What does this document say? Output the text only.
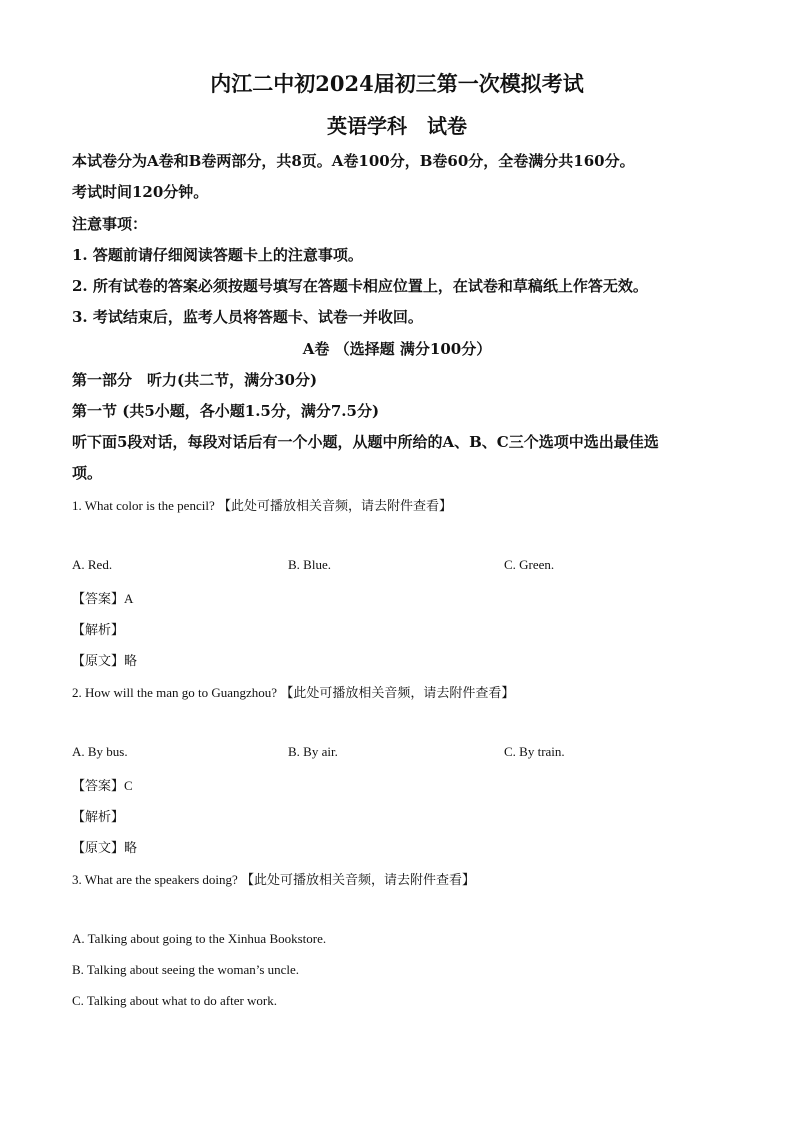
内江二中初2024届初三第一次模拟考试
英语学科　试卷
本试卷分为A卷和B卷两部分，共8页。A卷100分，B卷60分，全卷满分共160分。
考试时间120分钟。
注意事项：
1. 答题前请仔细阅读答题卡上的注意事项。
2. 所有试卷的答案必须按题号填写在答题卡相应位置上，在试卷和草稿纸上作答无效。
3. 考试结束后，监考人员将答题卡、试卷一并收回。
A卷 （选择题 满分100分）
第一部分　听力(共二节，满分30分)
第一节 (共5小题，各小题1.5分，满分7.5分)
听下面5段对话，每段对话后有一个小题，从题中所给的A、B、C三个选项中选出最佳选
项。
1. What color is the pencil? 【此处可播放相关音频，请去附件查看】
A. Red.	B. Blue.	C. Green.
【答案】A
【解析】
【原文】略
2. How will the man go to Guangzhou? 【此处可播放相关音频，请去附件查看】
A. By bus.	B. By air.	C. By train.
【答案】C
【解析】
【原文】略
3. What are the speakers doing? 【此处可播放相关音频，请去附件查看】
A. Talking about going to the Xinhua Bookstore.
B. Talking about seeing the woman’s uncle.
C. Talking about what to do after work.
